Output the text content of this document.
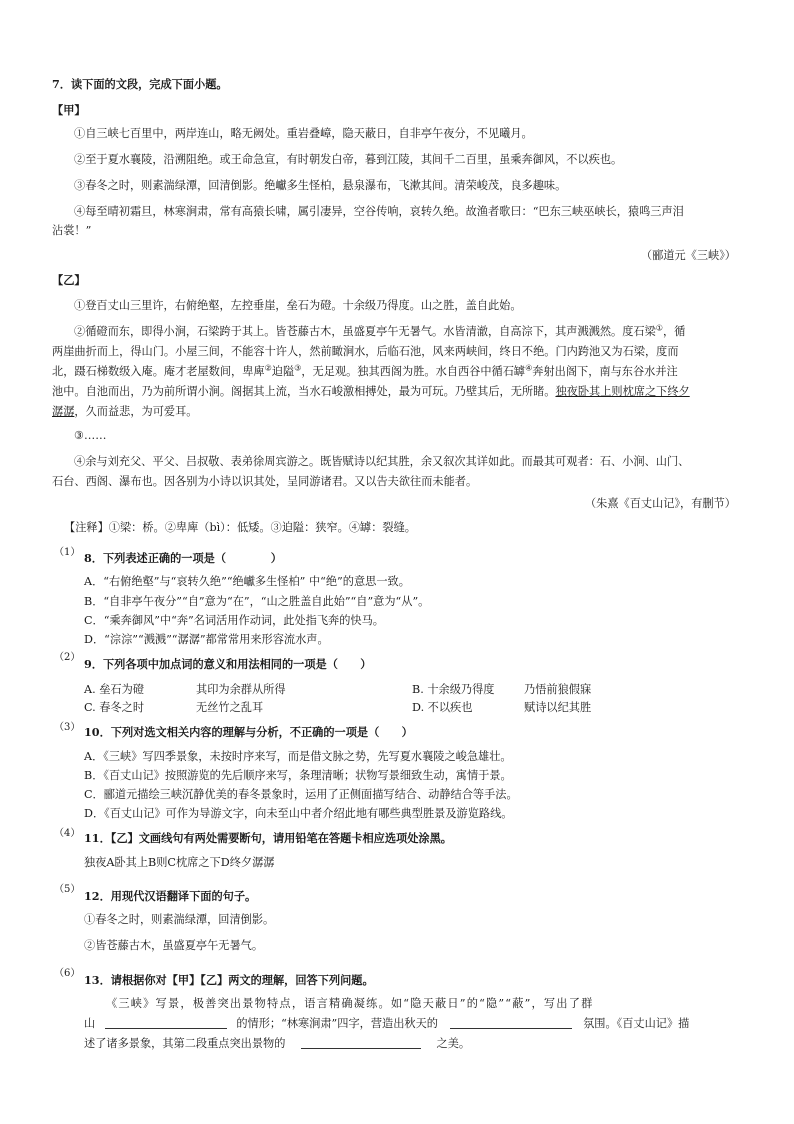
7．读下面的文段，完成下面小题。
【甲】
①自三峡七百里中，两岸连山，略无阙处。重岩叠嶂，隐天蔽日，自非亭午夜分，不见曦月。
②至于夏水襄陵，沿溯阻绝。或王命急宣，有时朝发白帝，暮到江陵，其间千二百里，虽乘奔御风，不以疾也。
③春冬之时，则素湍绿潭，回清倒影。绝巘多生怪柏，悬泉瀑布，飞漱其间。清荣峻茂，良多趣味。
④每至晴初霜旦，林寒涧肃，常有高猿长啸，属引凄异，空谷传响，哀转久绝。故渔者歌曰：“巴东三峡巫峡长，猿鸣三声泪
沾裳！”
（郦道元《三峡》）
【乙】
①登百丈山三里许，右俯绝壑，左控垂崖，垒石为磴。十余级乃得度。山之胜，盖自此始。
②循磴而东，即得小涧，石梁跨于其上。皆苍藤古木，虽盛夏亭午无暑气。水皆清澈，自高淙下，其声溅溅然。度石梁①，循
两崖曲折而上，得山门。小屋三间，不能容十许人，然前瞰涧水，后临石池，风来两峡间，终日不绝。门内跨池又为石梁，度而
北，蹑石梯数级入庵。庵才老屋数间，卑庳②迫隘③，无足观。独其西阁为胜。水自西谷中循石罅④奔射出阁下，南与东谷水并注
池中。自池而出，乃为前所谓小涧。阁据其上流，当水石峻激相搏处，最为可玩。乃壁其后，无所睹。独夜卧其上则枕席之下终夕
潺潺，久而益悲，为可爱耳。
③……
④余与刘充父、平父、吕叔敬、表弟徐周宾游之。既皆赋诗以纪其胜，余又叙次其详如此。而最其可观者：石、小涧、山门、
石台、西阁、瀑布也。因各别为小诗以识其处，呈同游诸君。又以告夫欲往而未能者。
（朱熹《百丈山记》，有删节）
【注释】①梁：桥。②卑庳（bì）：低矮。③迫隘：狭窄。④罅：裂缝。
（1） 8．下列表述正确的一项是（　　　　）
A．“右俯绝壑”与“哀转久绝”“绝巘多生怪柏” 中“绝”的意思一致。
B．“自非亭午夜分”“自”意为“在”，“山之胜盖自此始”“自”意为“从”。
C．“乘奔御风”中“奔”名词活用作动词，此处指飞奔的快马。
D．“淙淙”“溅溅”“潺潺”都常常用来形容流水声。
（2） 9．下列各项中加点词的意义和用法相同的一项是（　　）
A. 垒石为磴	其印为余群从所得	B. 十余级乃得度	乃悟前狼假寐
C. 春冬之时	无丝竹之乱耳	D. 不以疾也	赋诗以纪其胜
（3） 10．下列对选文相关内容的理解与分析，不正确的一项是（　　）
A．《三峡》写四季景象，未按时序来写，而是借文脉之势，先写夏水襄陵之峻急雄壮。
B．《百丈山记》按照游览的先后顺序来写，条理清晰；状物写景细致生动，寓情于景。
C．郦道元描绘三峡沉静优美的春冬景象时，运用了正侧面描写结合、动静结合等手法。
D．《百丈山记》可作为导游文字，向未至山中者介绍此地有哪些典型胜景及游览路线。
（4） 11．【乙】文画线句有两处需要断句，请用铅笔在答题卡相应选项处涂黑。
独夜A卧其上B则C枕席之下D终夕潺潺
（5） 12．用现代汉语翻译下面的句子。
①春冬之时，则素湍绿潭，回清倒影。
②皆苍藤古木，虽盛夏亭午无暑气。
（6） 13．请根据你对【甲】【乙】两文的理解，回答下列问题。
《三峡》写景，极善突出景物特点，语言精确凝练。如“隐天蔽日”的“隐”“蔽”，写出了群
山	的情形；“林寒涧肃”四字，营造出秋天的	氛围。《百丈山记》描
述了诸多景象，其第二段重点突出景物的	之美。
